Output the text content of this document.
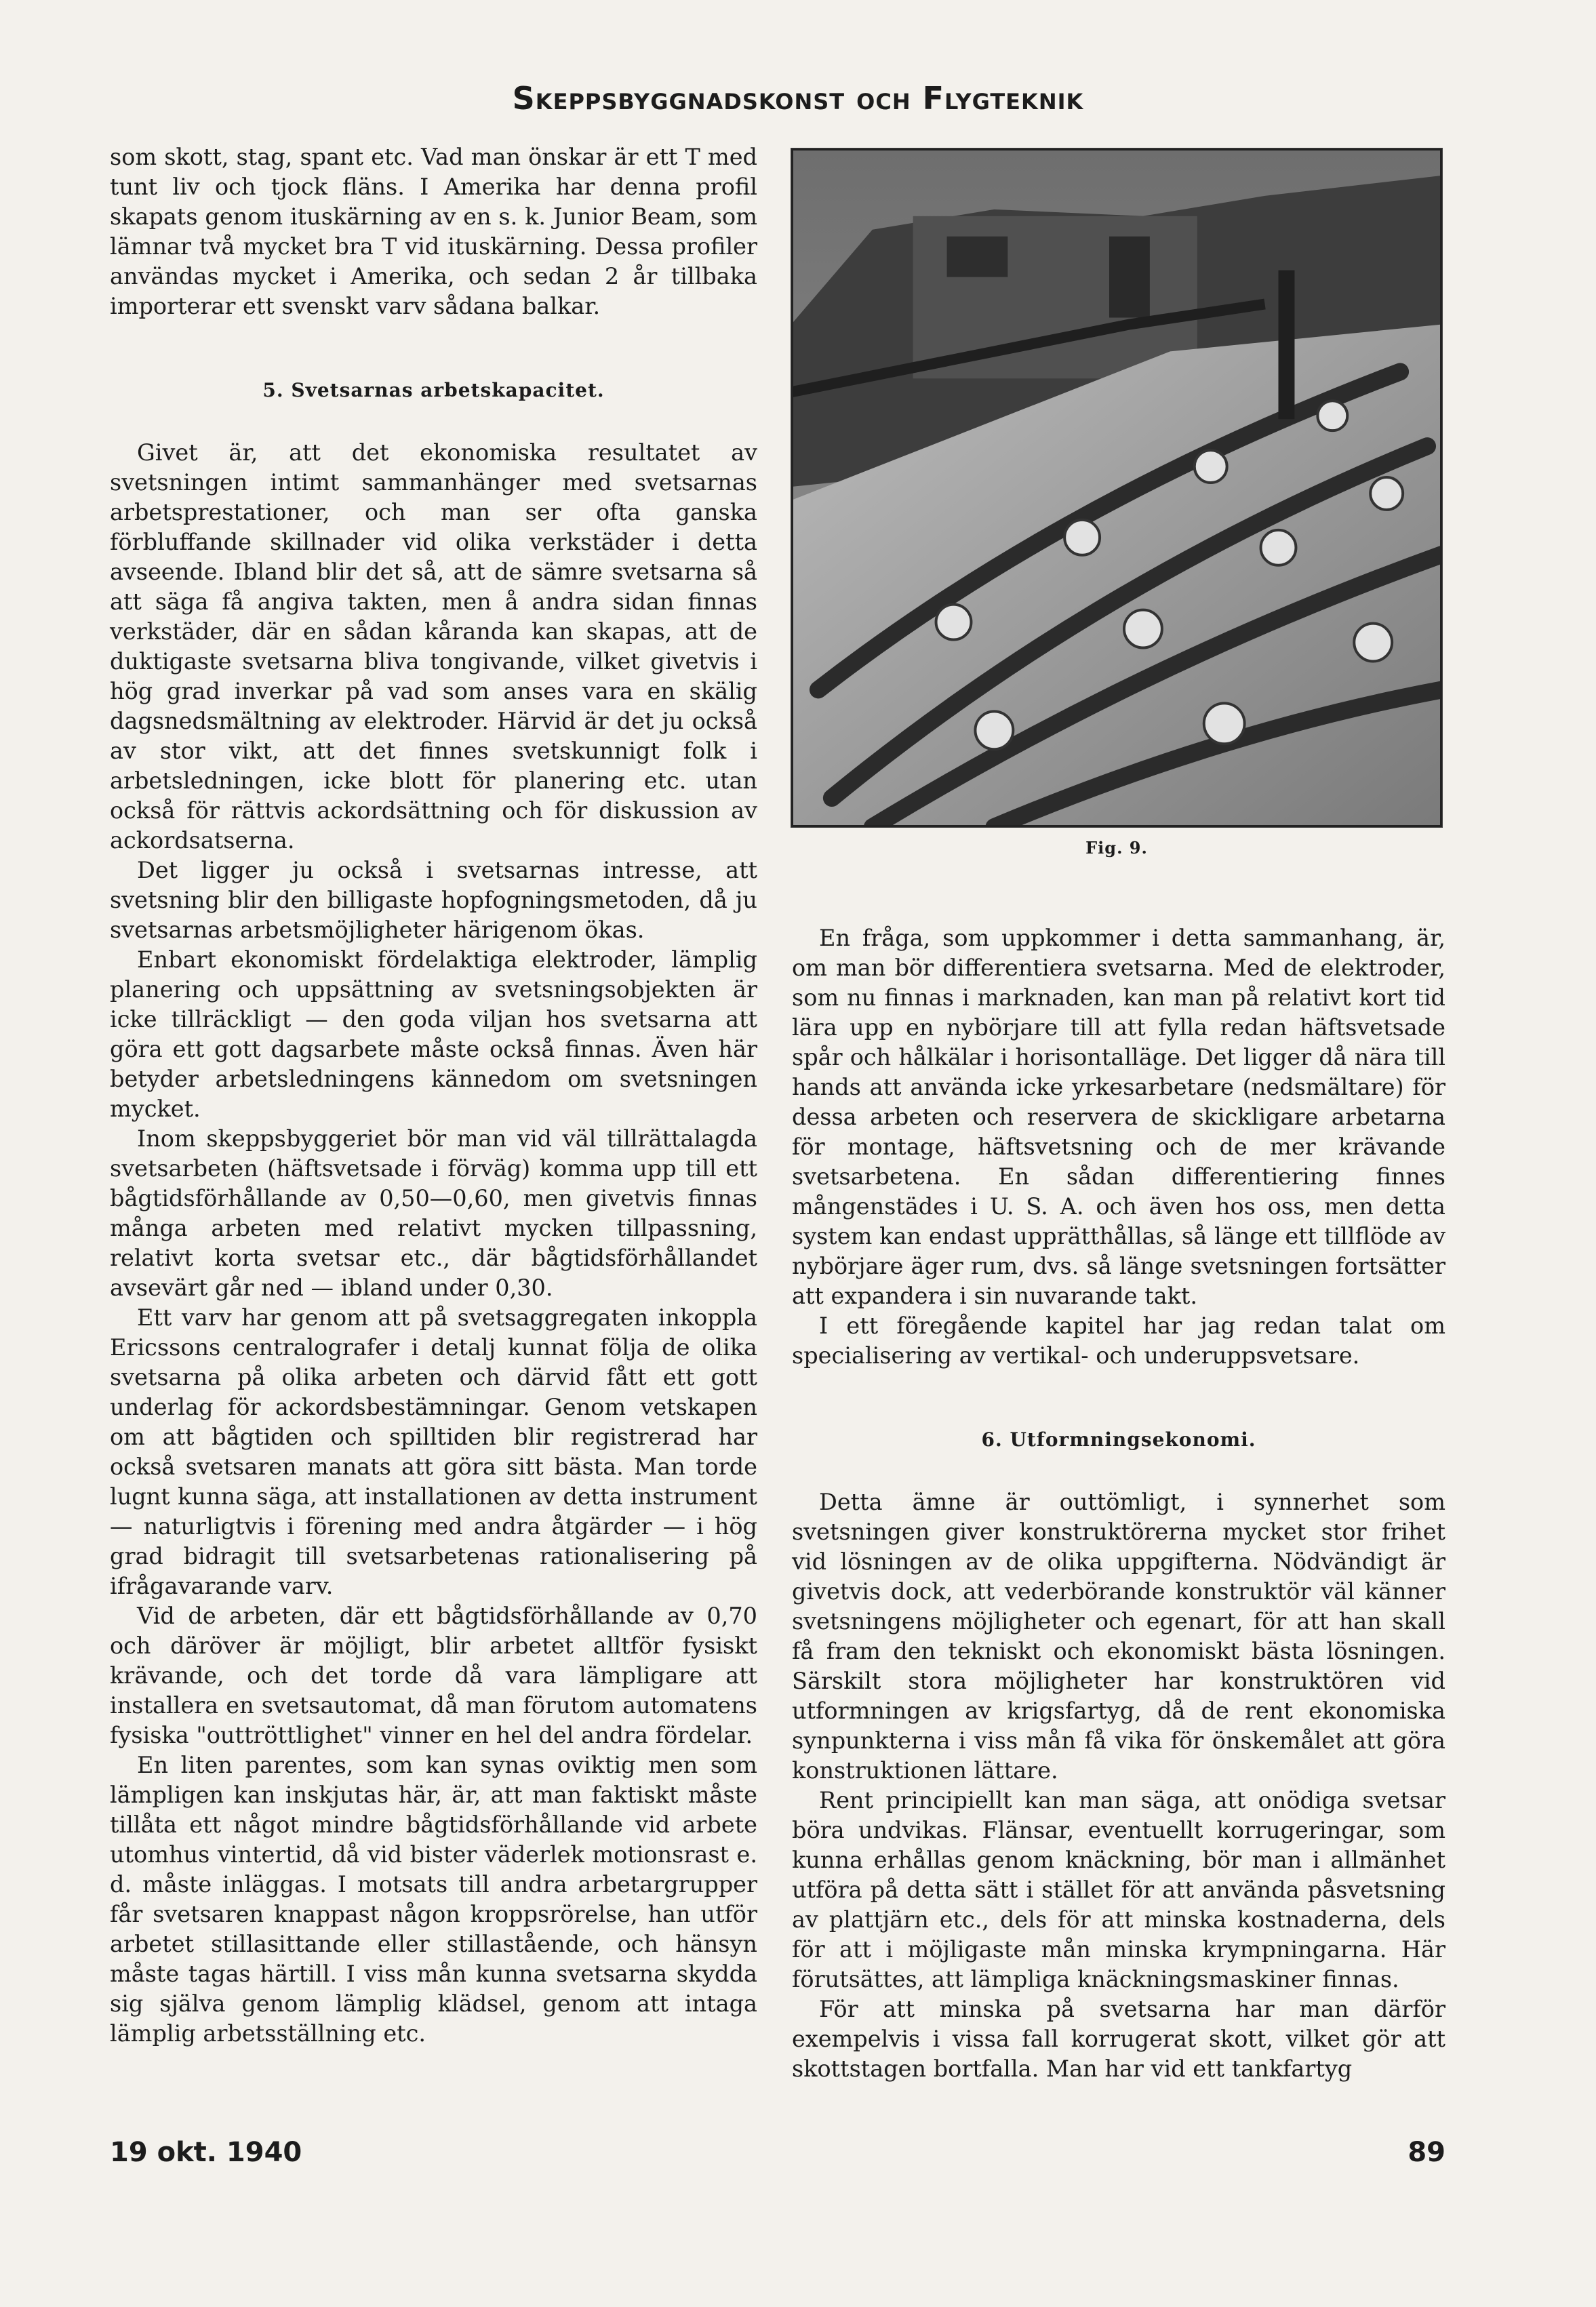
Skeppsbyggnadskonst och Flygteknik

som skott, stag, spant etc. Vad man önskar är ett T med tunt liv och tjock fläns. I Amerika har denna profil skapats genom ituskärning av en s. k. Junior Beam, som lämnar två mycket bra T vid ituskärning. Dessa profiler användas mycket i Amerika, och sedan 2 år tillbaka importerar ett svenskt varv sådana balkar.

5. Svetsarnas arbetskapacitet.

Givet är, att det ekonomiska resultatet av svetsningen intimt sammanhänger med svetsarnas arbetsprestationer, och man ser ofta ganska förbluffande skillnader vid olika verkstäder i detta avseende. Ibland blir det så, att de sämre svetsarna så att säga få angiva takten, men å andra sidan finnas verkstäder, där en sådan kåranda kan skapas, att de duktigaste svetsarna bliva tongivande, vilket givetvis i hög grad inverkar på vad som anses vara en skälig dagsnedsmältning av elektroder. Härvid är det ju också av stor vikt, att det finnes svetskunnigt folk i arbetsledningen, icke blott för planering etc. utan också för rättvis ackordsättning och för diskussion av ackordsatserna.

Det ligger ju också i svetsarnas intresse, att svetsning blir den billigaste hopfogningsmetoden, då ju svetsarnas arbetsmöjligheter härigenom ökas.

Enbart ekonomiskt fördelaktiga elektroder, lämplig planering och uppsättning av svetsningsobjekten är icke tillräckligt — den goda viljan hos svetsarna att göra ett gott dagsarbete måste också finnas. Även här betyder arbetsledningens kännedom om svetsningen mycket.

Inom skeppsbyggeriet bör man vid väl tillrättalagda svetsarbeten (häftsvetsade i förväg) komma upp till ett bågtidsförhållande av 0,50—0,60, men givetvis finnas många arbeten med relativt mycken tillpassning, relativt korta svetsar etc., där bågtidsförhållandet avsevärt går ned — ibland under 0,30.

Ett varv har genom att på svetsaggregaten inkoppla Ericssons centralografer i detalj kunnat följa de olika svetsarna på olika arbeten och därvid fått ett gott underlag för ackordsbestämningar. Genom vetskapen om att bågtiden och spilltiden blir registrerad har också svetsaren manats att göra sitt bästa. Man torde lugnt kunna säga, att installationen av detta instrument — naturligtvis i förening med andra åtgärder — i hög grad bidragit till svetsarbetenas rationalisering på ifrågavarande varv.

Vid de arbeten, där ett bågtidsförhållande av 0,70 och däröver är möjligt, blir arbetet alltför fysiskt krävande, och det torde då vara lämpligare att installera en svetsautomat, då man förutom automatens fysiska "outtröttlighet" vinner en hel del andra fördelar.

En liten parentes, som kan synas oviktig men som lämpligen kan inskjutas här, är, att man faktiskt måste tillåta ett något mindre bågtidsförhållande vid arbete utomhus vintertid, då vid bister väderlek motionsrast e. d. måste inläggas. I motsats till andra arbetargrupper får svetsaren knappast någon kroppsrörelse, han utför arbetet stillasittande eller stillastående, och hänsyn måste tagas härtill. I viss mån kunna svetsarna skydda sig själva genom lämplig klädsel, genom att intaga lämplig arbetsställning etc.

Fig. 9.

En fråga, som uppkommer i detta sammanhang, är, om man bör differentiera svetsarna. Med de elektroder, som nu finnas i marknaden, kan man på relativt kort tid lära upp en nybörjare till att fylla redan häftsvetsade spår och hålkälar i horisontalläge. Det ligger då nära till hands att använda icke yrkesarbetare (nedsmältare) för dessa arbeten och reservera de skickligare arbetarna för montage, häftsvetsning och de mer krävande svetsarbetena. En sådan differentiering finnes mångenstädes i U. S. A. och även hos oss, men detta system kan endast upprätthållas, så länge ett tillflöde av nybörjare äger rum, dvs. så länge svetsningen fortsätter att expandera i sin nuvarande takt.

I ett föregående kapitel har jag redan talat om specialisering av vertikal- och underuppsvetsare.

6. Utformningsekonomi.

Detta ämne är outtömligt, i synnerhet som svetsningen giver konstruktörerna mycket stor frihet vid lösningen av de olika uppgifterna. Nödvändigt är givetvis dock, att vederbörande konstruktör väl känner svetsningens möjligheter och egenart, för att han skall få fram den tekniskt och ekonomiskt bästa lösningen. Särskilt stora möjligheter har konstruktören vid utformningen av krigsfartyg, då de rent ekonomiska synpunkterna i viss mån få vika för önskemålet att göra konstruktionen lättare.

Rent principiellt kan man säga, att onödiga svetsar böra undvikas. Flänsar, eventuellt korrugeringar, som kunna erhållas genom knäckning, bör man i allmänhet utföra på detta sätt i stället för att använda påsvetsning av plattjärn etc., dels för att minska kostnaderna, dels för att i möjligaste mån minska krympningarna. Här förutsättes, att lämpliga knäckningsmaskiner finnas.

För att minska på svetsarna har man därför exempelvis i vissa fall korrugerat skott, vilket gör att skottstagen bortfalla. Man har vid ett tankfartyg

19 okt. 1940	89
